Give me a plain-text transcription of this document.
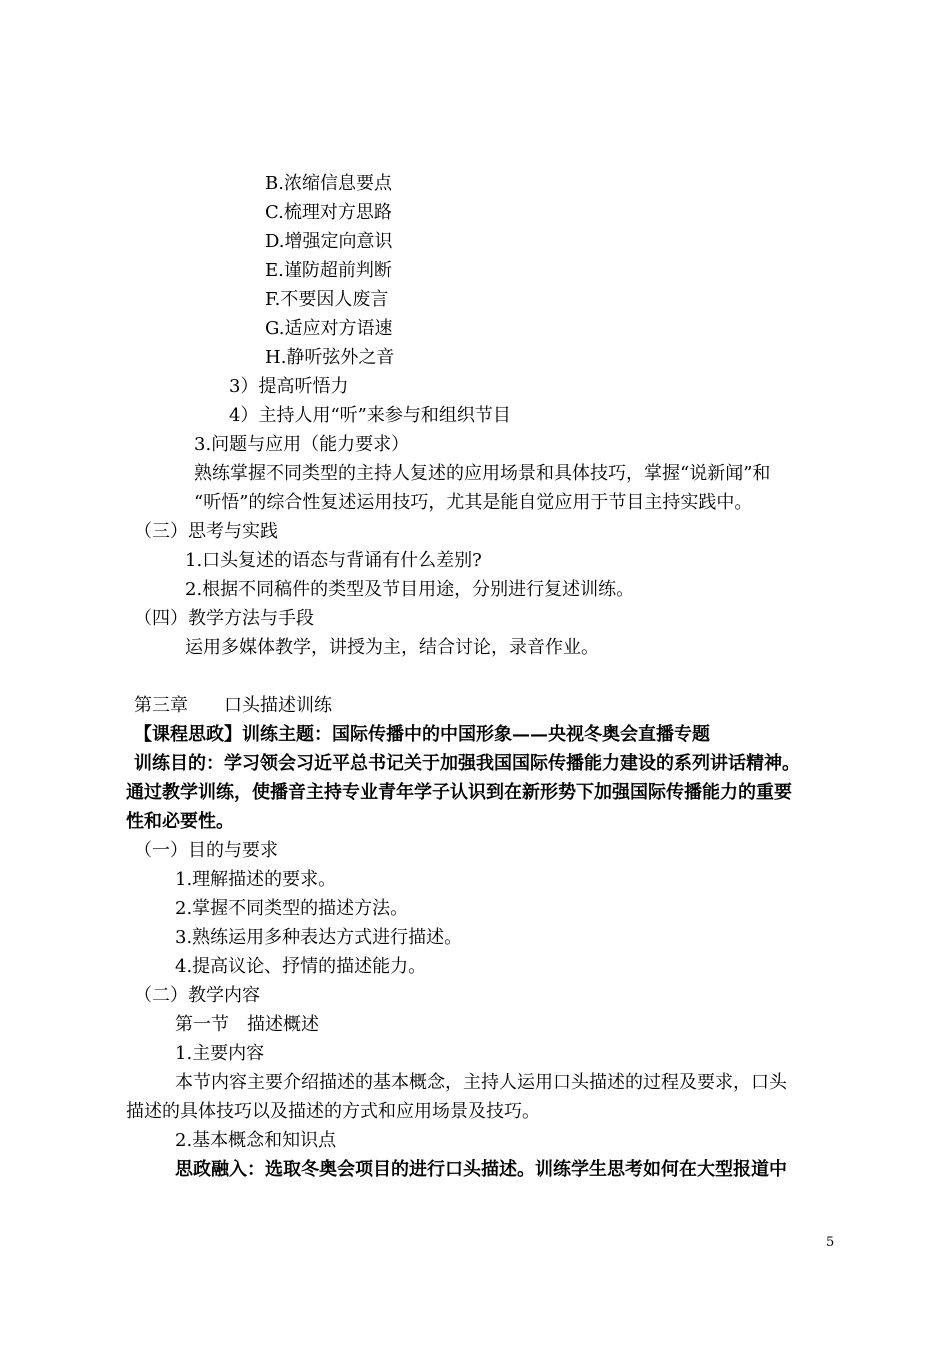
B.浓缩信息要点
C.梳理对方思路
D.增强定向意识
E.谨防超前判断
F.不要因人废言
G.适应对方语速
H.静听弦外之音
3）提高听悟力
4）主持人用“听”来参与和组织节目
3.问题与应用（能力要求）
熟练掌握不同类型的主持人复述的应用场景和具体技巧，掌握“说新闻”和
“听悟”的综合性复述运用技巧，尤其是能自觉应用于节目主持实践中。
（三）思考与实践
1.口头复述的语态与背诵有什么差别?
2.根据不同稿件的类型及节目用途，分别进行复述训练。
（四）教学方法与手段
运用多媒体教学，讲授为主，结合讨论，录音作业。
第三章　　口头描述训练
【课程思政】训练主题：国际传播中的中国形象——央视冬奥会直播专题
训练目的：学习领会习近平总书记关于加强我国国际传播能力建设的系列讲话精神。
通过教学训练，使播音主持专业青年学子认识到在新形势下加强国际传播能力的重要
性和必要性。
（一）目的与要求
1.理解描述的要求。
2.掌握不同类型的描述方法。
3.熟练运用多种表达方式进行描述。
4.提高议论、抒情的描述能力。
（二）教学内容
第一节　描述概述
1.主要内容
本节内容主要介绍描述的基本概念，主持人运用口头描述的过程及要求，口头
描述的具体技巧以及描述的方式和应用场景及技巧。
2.基本概念和知识点
思政融入：选取冬奥会项目的进行口头描述。训练学生思考如何在大型报道中
5
